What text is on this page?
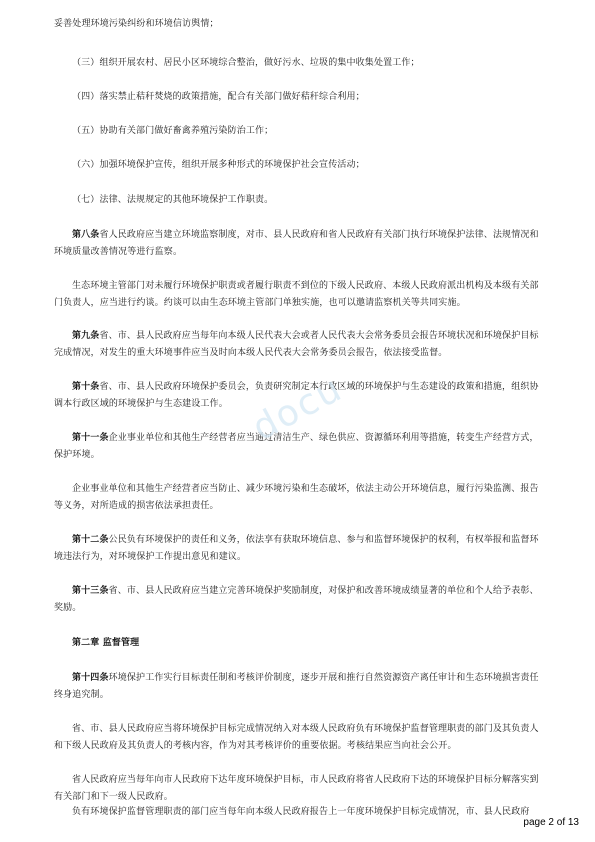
妥善处理环境污染纠纷和环境信访舆情；

（三）组织开展农村、居民小区环境综合整治，做好污水、垃圾的集中收集处置工作；

（四）落实禁止秸秆焚烧的政策措施，配合有关部门做好秸秆综合利用；

（五）协助有关部门做好畜禽养殖污染防治工作；

（六）加强环境保护宣传，组织开展多种形式的环境保护社会宣传活动；

（七）法律、法规规定的其他环境保护工作职责。

第八条省人民政府应当建立环境监察制度，对市、县人民政府和省人民政府有关部门执行环境保护法律、法规情况和环境质量改善情况等进行监察。

生态环境主管部门对未履行环境保护职责或者履行职责不到位的下级人民政府、本级人民政府派出机构及本级有关部门负责人，应当进行约谈。约谈可以由生态环境主管部门单独实施，也可以邀请监察机关等共同实施。

第九条省、市、县人民政府应当每年向本级人民代表大会或者人民代表大会常务委员会报告环境状况和环境保护目标完成情况，对发生的重大环境事件应当及时向本级人民代表大会常务委员会报告，依法接受监督。

第十条省、市、县人民政府环境保护委员会，负责研究制定本行政区域的环境保护与生态建设的政策和措施，组织协调本行政区域的环境保护与生态建设工作。

第十一条企业事业单位和其他生产经营者应当通过清洁生产、绿色供应、资源循环利用等措施，转变生产经营方式，保护环境。

企业事业单位和其他生产经营者应当防止、减少环境污染和生态破坏，依法主动公开环境信息，履行污染监测、报告等义务，对所造成的损害依法承担责任。

第十二条公民负有环境保护的责任和义务，依法享有获取环境信息、参与和监督环境保护的权利，有权举报和监督环境违法行为，对环境保护工作提出意见和建议。

第十三条省、市、县人民政府应当建立完善环境保护奖励制度，对保护和改善环境成绩显著的单位和个人给予表彰、奖励。

第二章 监督管理

第十四条环境保护工作实行目标责任制和考核评价制度，逐步开展和推行自然资源资产离任审计和生态环境损害责任终身追究制。

省、市、县人民政府应当将环境保护目标完成情况纳入对本级人民政府负有环境保护监督管理职责的部门及其负责人和下级人民政府及其负责人的考核内容，作为对其考核评价的重要依据。考核结果应当向社会公开。

省人民政府应当每年向市人民政府下达年度环境保护目标，市人民政府将省人民政府下达的环境保护目标分解落实到有关部门和下一级人民政府。

负有环境保护监督管理职责的部门应当每年向本级人民政府报告上一年度环境保护目标完成情况，市、县人民政府

docu
page 2 of 13
